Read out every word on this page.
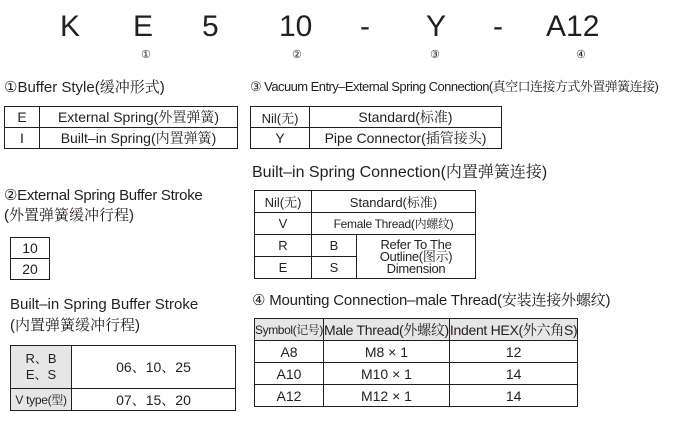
K E 5 10 - Y - A12
①	②	③	④
①Buffer Style(缓冲形式)
E	External Spring(外置弹簧)
I	Built–in Spring(内置弹簧)
②External Spring Buffer Stroke
(外置弹簧缓冲行程)
10
20
Built–in Spring Buffer Stroke
(内置弹簧缓冲行程)
R、B
E、S	06、10、25
V type(型)	07、15、20
③ Vacuum Entry–External Spring Connection(真空口连接方式外置弹簧连接)
Nil(无)	Standard(标准)
Y	Pipe Connector(插管接头)
Built–in Spring Connection(内置弹簧连接)
Nil(无)	Standard(标准)	
V	Female Thread(内螺纹)	
R	B	Refer To The
Outline(图示)
Dimension

E	S	
④ Mounting Connection–male Thread(安装连接外螺纹)
Symbol(记号)	Male Thread(外螺纹)	Indent HEX(外六角S)
A8	M8 × 1	12
A10	M10 × 1	14
A12	M12 × 1	14
